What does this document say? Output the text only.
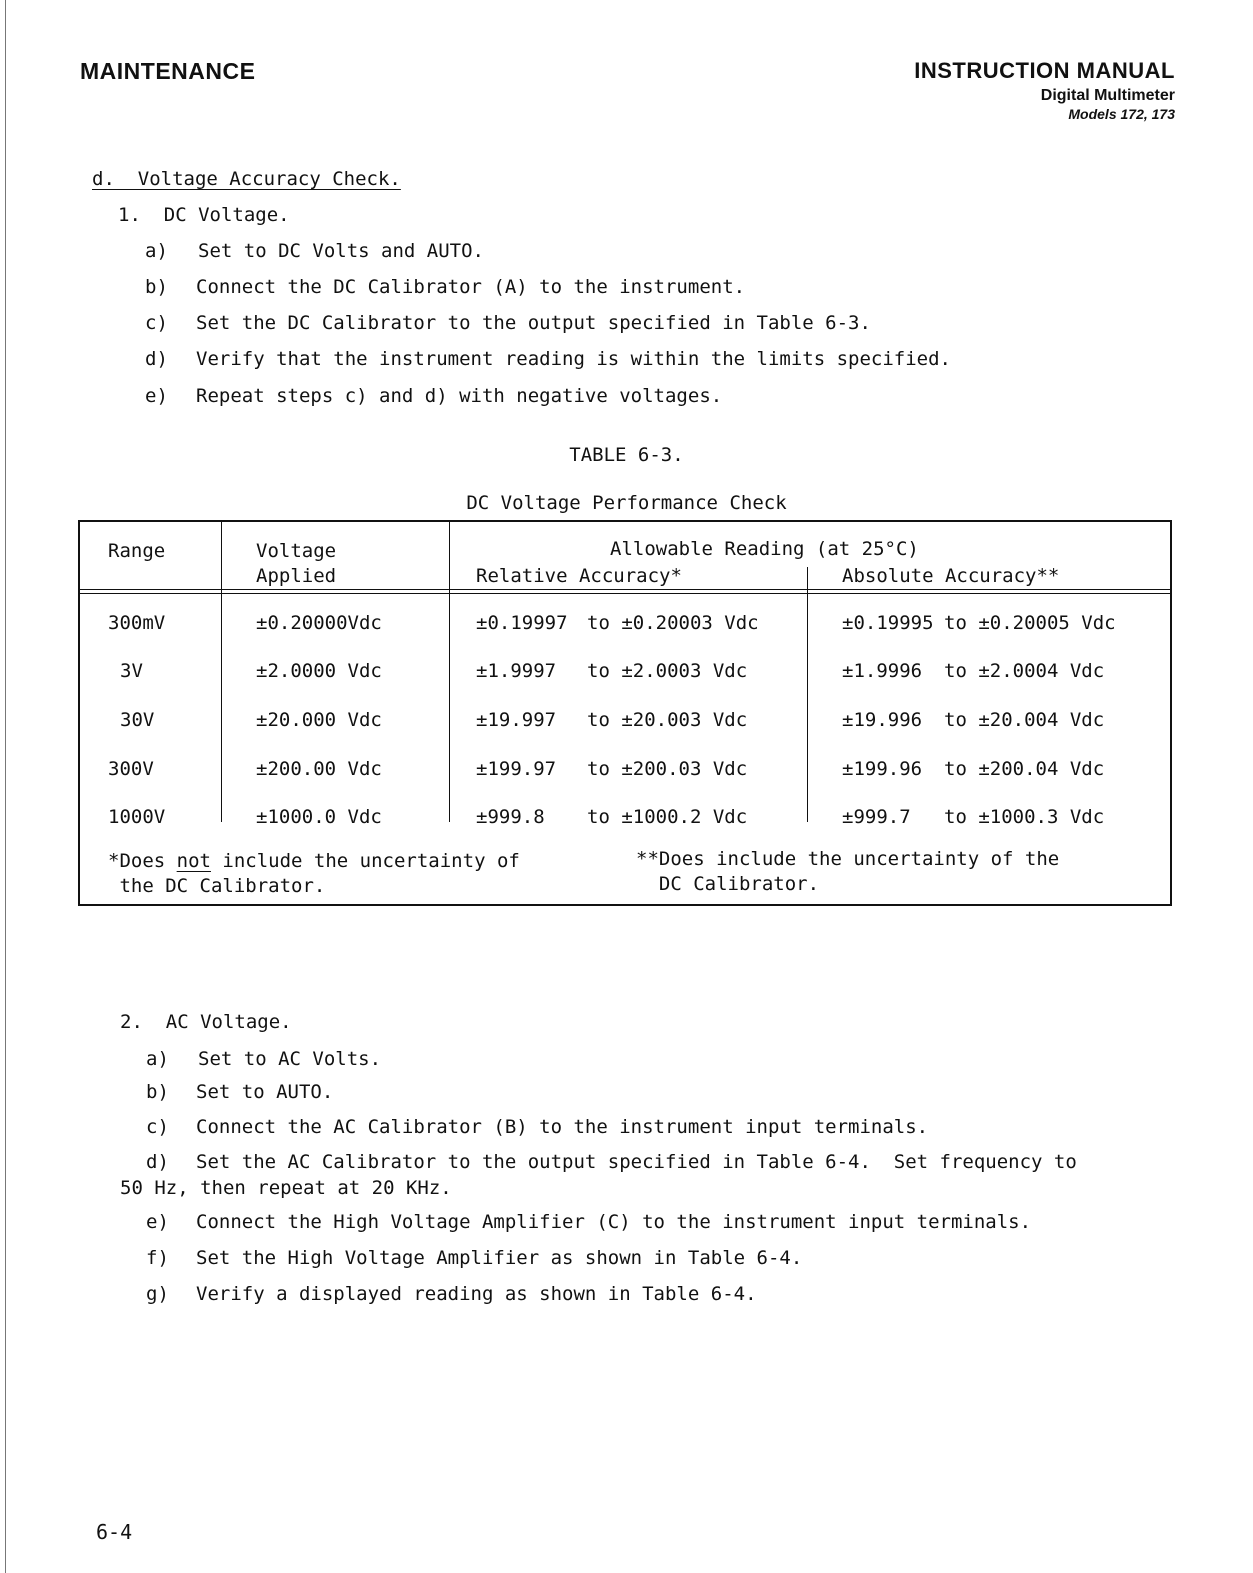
MAINTENANCE	INSTRUCTION MANUAL
Digital Multimeter
Models 172, 173
d.  Voltage Accuracy Check.
1.  DC Voltage.
a) Set to DC Volts and AUTO.
b) Connect the DC Calibrator (A) to the instrument.
c) Set the DC Calibrator to the output specified in Table 6-3.
d) Verify that the instrument reading is within the limits specified.
e) Repeat steps c) and d) with negative voltages.
TABLE 6-3.
DC Voltage Performance Check
Range	Voltage
Applied
Allowable Reading (at 25°C)
Relative Accuracy*	Absolute Accuracy**
300mV	±0.20000Vdc	±0.19997 to ±0.20003 Vdc	±0.19995 to ±0.20005 Vdc
3V	±2.0000 Vdc	±1.9997 to ±2.0003 Vdc	±1.9996 to ±2.0004 Vdc
30V	±20.000 Vdc	±19.997 to ±20.003 Vdc	±19.996 to ±20.004 Vdc
300V	±200.00 Vdc	±199.97 to ±200.03 Vdc	±199.96 to ±200.04 Vdc
1000V	±1000.0 Vdc	±999.8 to ±1000.2 Vdc	±999.7 to ±1000.3 Vdc
*Does not include the uncertainty of
the DC Calibrator.
**Does include the uncertainty of the
DC Calibrator.
2.  AC Voltage.
a) Set to AC Volts.
b) Set to AUTO.
c) Connect the AC Calibrator (B) to the instrument input terminals.
d) Set the AC Calibrator to the output specified in Table 6-4.  Set frequency to
50 Hz, then repeat at 20 KHz.
e) Connect the High Voltage Amplifier (C) to the instrument input terminals.
f) Set the High Voltage Amplifier as shown in Table 6-4.
g) Verify a displayed reading as shown in Table 6-4.
6-4
